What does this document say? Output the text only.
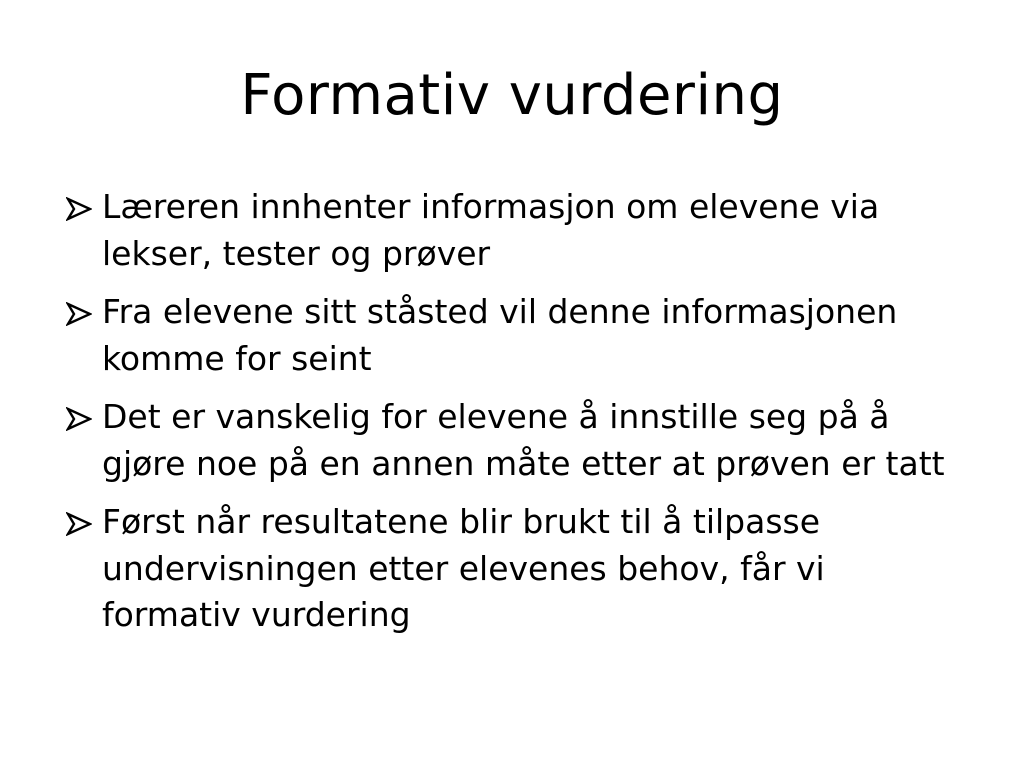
Formativ vurdering
Læreren innhenter informasjon om elevene via lekser, tester og prøver
Fra elevene sitt ståsted vil denne informasjonen komme for seint
Det er vanskelig for elevene å innstille seg på å gjøre noe på en annen måte etter at prøven er tatt
Først når resultatene blir brukt til å tilpasse undervisningen etter elevenes behov, får vi formativ vurdering
